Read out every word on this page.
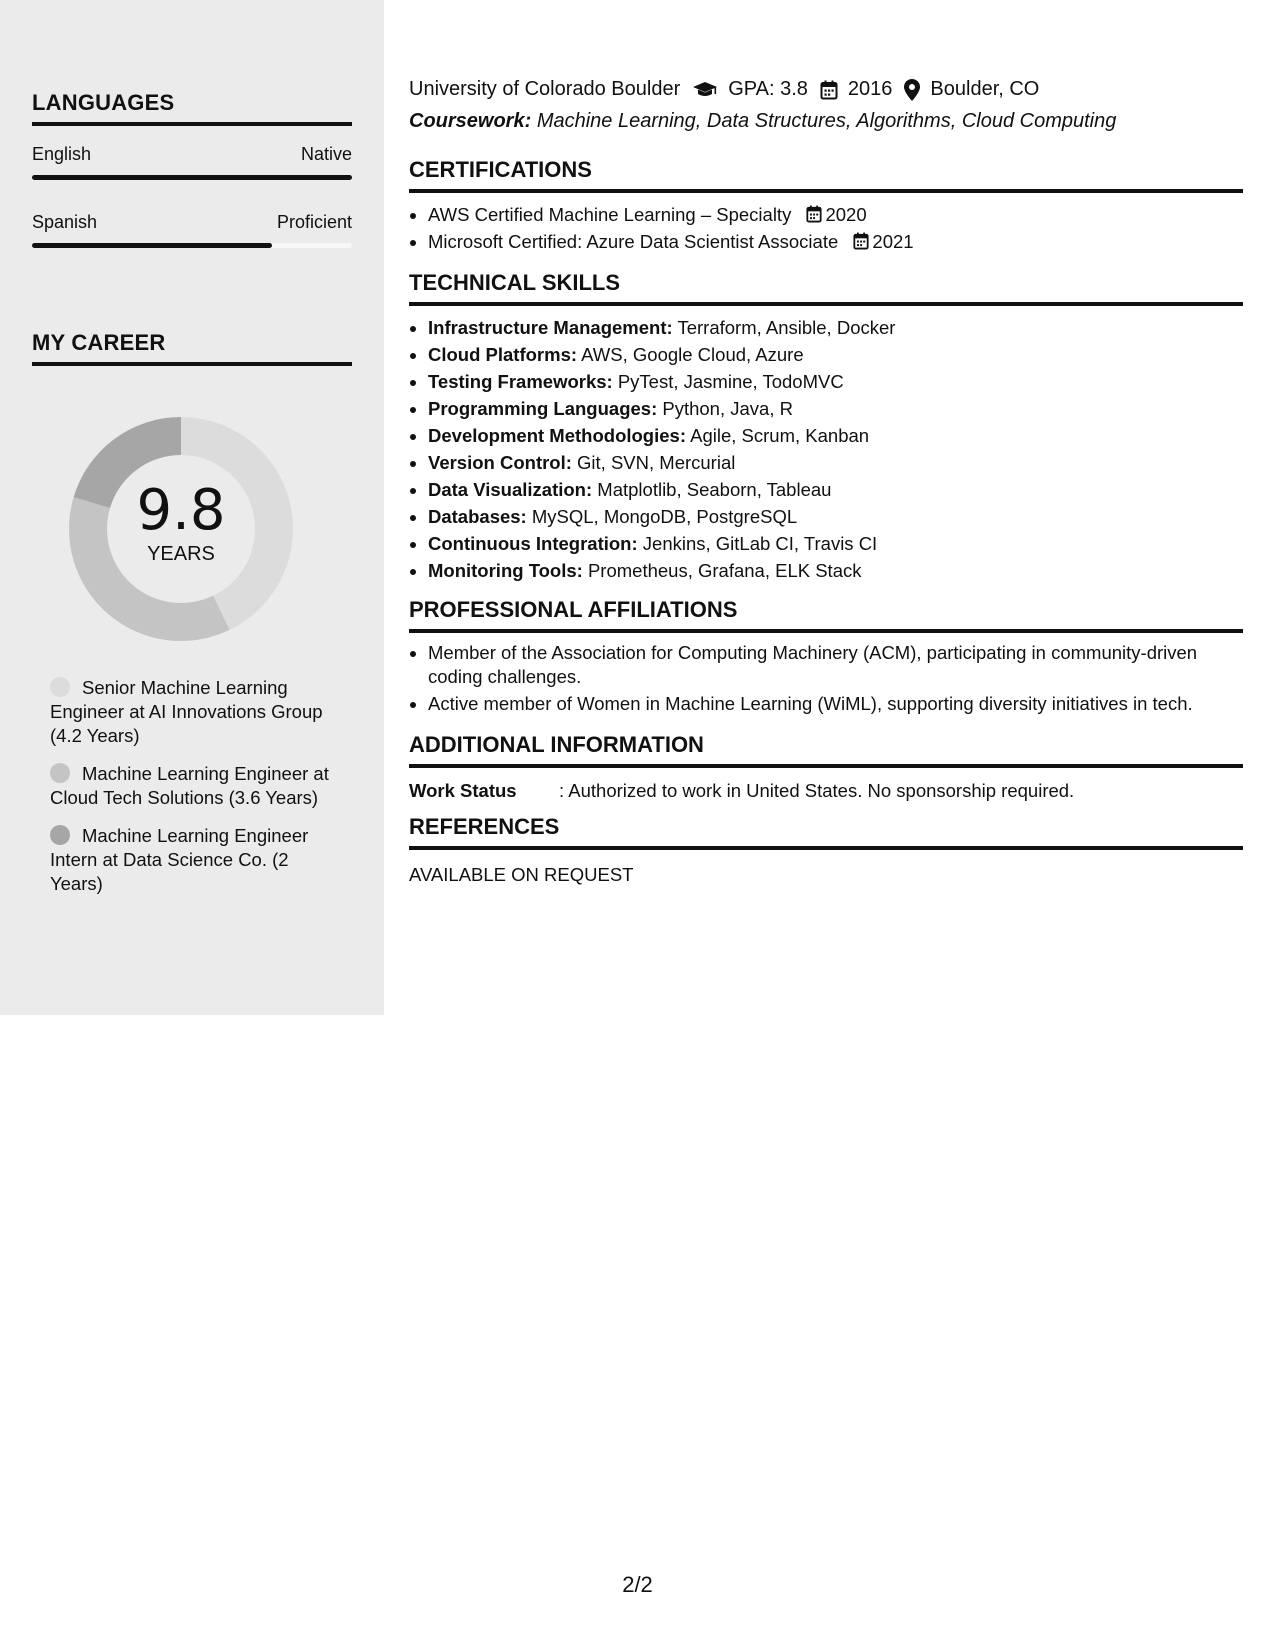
LANGUAGES
English	Native
Spanish	Proficient
MY CAREER
9.8
YEARS
Senior Machine Learning Engineer at AI Innovations Group (4.2 Years)
Machine Learning Engineer at Cloud Tech Solutions (3.6 Years)
Machine Learning Engineer Intern at Data Science Co. (2 Years)
University of Colorado Boulder GPA: 3.8 2016 Boulder, CO
Coursework: Machine Learning, Data Structures, Algorithms, Cloud Computing
CERTIFICATIONS
• AWS Certified Machine Learning – Specialty 2020
• Microsoft Certified: Azure Data Scientist Associate 2021
TECHNICAL SKILLS
• Infrastructure Management: Terraform, Ansible, Docker
• Cloud Platforms: AWS, Google Cloud, Azure
• Testing Frameworks: PyTest, Jasmine, TodoMVC
• Programming Languages: Python, Java, R
• Development Methodologies: Agile, Scrum, Kanban
• Version Control: Git, SVN, Mercurial
• Data Visualization: Matplotlib, Seaborn, Tableau
• Databases: MySQL, MongoDB, PostgreSQL
• Continuous Integration: Jenkins, GitLab CI, Travis CI
• Monitoring Tools: Prometheus, Grafana, ELK Stack
PROFESSIONAL AFFILIATIONS
• Member of the Association for Computing Machinery (ACM), participating in community-driven coding challenges.
• Active member of Women in Machine Learning (WiML), supporting diversity initiatives in tech.
ADDITIONAL INFORMATION
Work Status	: Authorized to work in United States. No sponsorship required.
REFERENCES
AVAILABLE ON REQUEST
2/2
